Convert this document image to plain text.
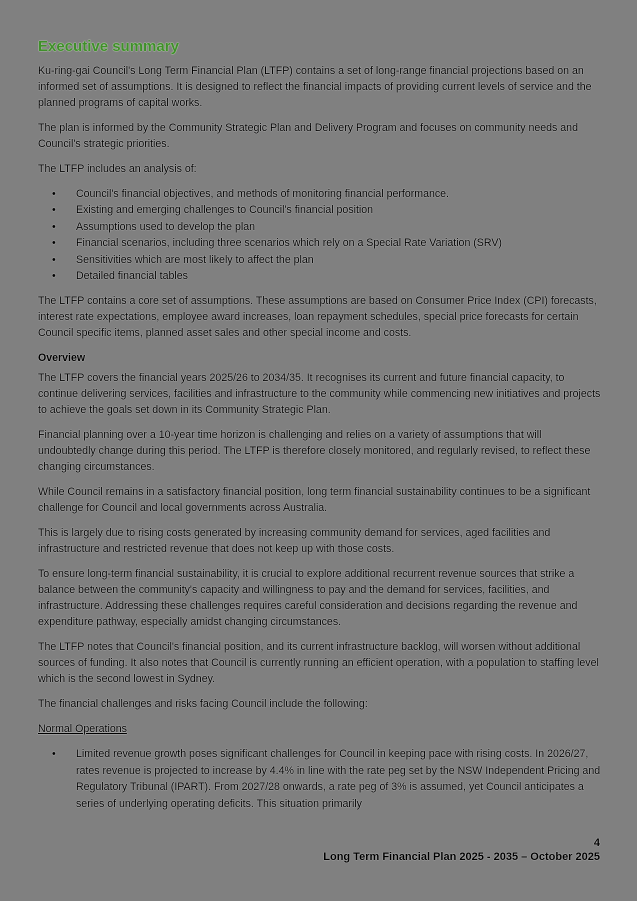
Executive summary

Ku-ring-gai Council's Long Term Financial Plan (LTFP) contains a set of long-range financial projections based on an informed set of assumptions. It is designed to reflect the financial impacts of providing current levels of service and the planned programs of capital works.

The plan is informed by the Community Strategic Plan and Delivery Program and focuses on community needs and Council's strategic priorities.

The LTFP includes an analysis of:

• Council's financial objectives, and methods of monitoring financial performance.
• Existing and emerging challenges to Council's financial position
• Assumptions used to develop the plan
• Financial scenarios, including three scenarios which rely on a Special Rate Variation (SRV)
• Sensitivities which are most likely to affect the plan
• Detailed financial tables

The LTFP contains a core set of assumptions. These assumptions are based on Consumer Price Index (CPI) forecasts, interest rate expectations, employee award increases, loan repayment schedules, special price forecasts for certain Council specific items, planned asset sales and other special income and costs.

Overview

The LTFP covers the financial years 2025/26 to 2034/35. It recognises its current and future financial capacity, to continue delivering services, facilities and infrastructure to the community while commencing new initiatives and projects to achieve the goals set down in its Community Strategic Plan.

Financial planning over a 10-year time horizon is challenging and relies on a variety of assumptions that will undoubtedly change during this period. The LTFP is therefore closely monitored, and regularly revised, to reflect these changing circumstances.

While Council remains in a satisfactory financial position, long term financial sustainability continues to be a significant challenge for Council and local governments across Australia.

This is largely due to rising costs generated by increasing community demand for services, aged facilities and infrastructure and restricted revenue that does not keep up with those costs.

To ensure long-term financial sustainability, it is crucial to explore additional recurrent revenue sources that strike a balance between the community's capacity and willingness to pay and the demand for services, facilities, and infrastructure. Addressing these challenges requires careful consideration and decisions regarding the revenue and expenditure pathway, especially amidst changing circumstances.

The LTFP notes that Council's financial position, and its current infrastructure backlog, will worsen without additional sources of funding. It also notes that Council is currently running an efficient operation, with a population to staffing level which is the second lowest in Sydney.

The financial challenges and risks facing Council include the following:

Normal Operations
• Limited revenue growth poses significant challenges for Council in keeping pace with rising costs. In 2026/27, rates revenue is projected to increase by 4.4% in line with the rate peg set by the NSW Independent Pricing and Regulatory Tribunal (IPART). From 2027/28 onwards, a rate peg of 3% is assumed, yet Council anticipates a series of underlying operating deficits. This situation primarily
4
Long Term Financial Plan 2025 - 2035 – October 2025
